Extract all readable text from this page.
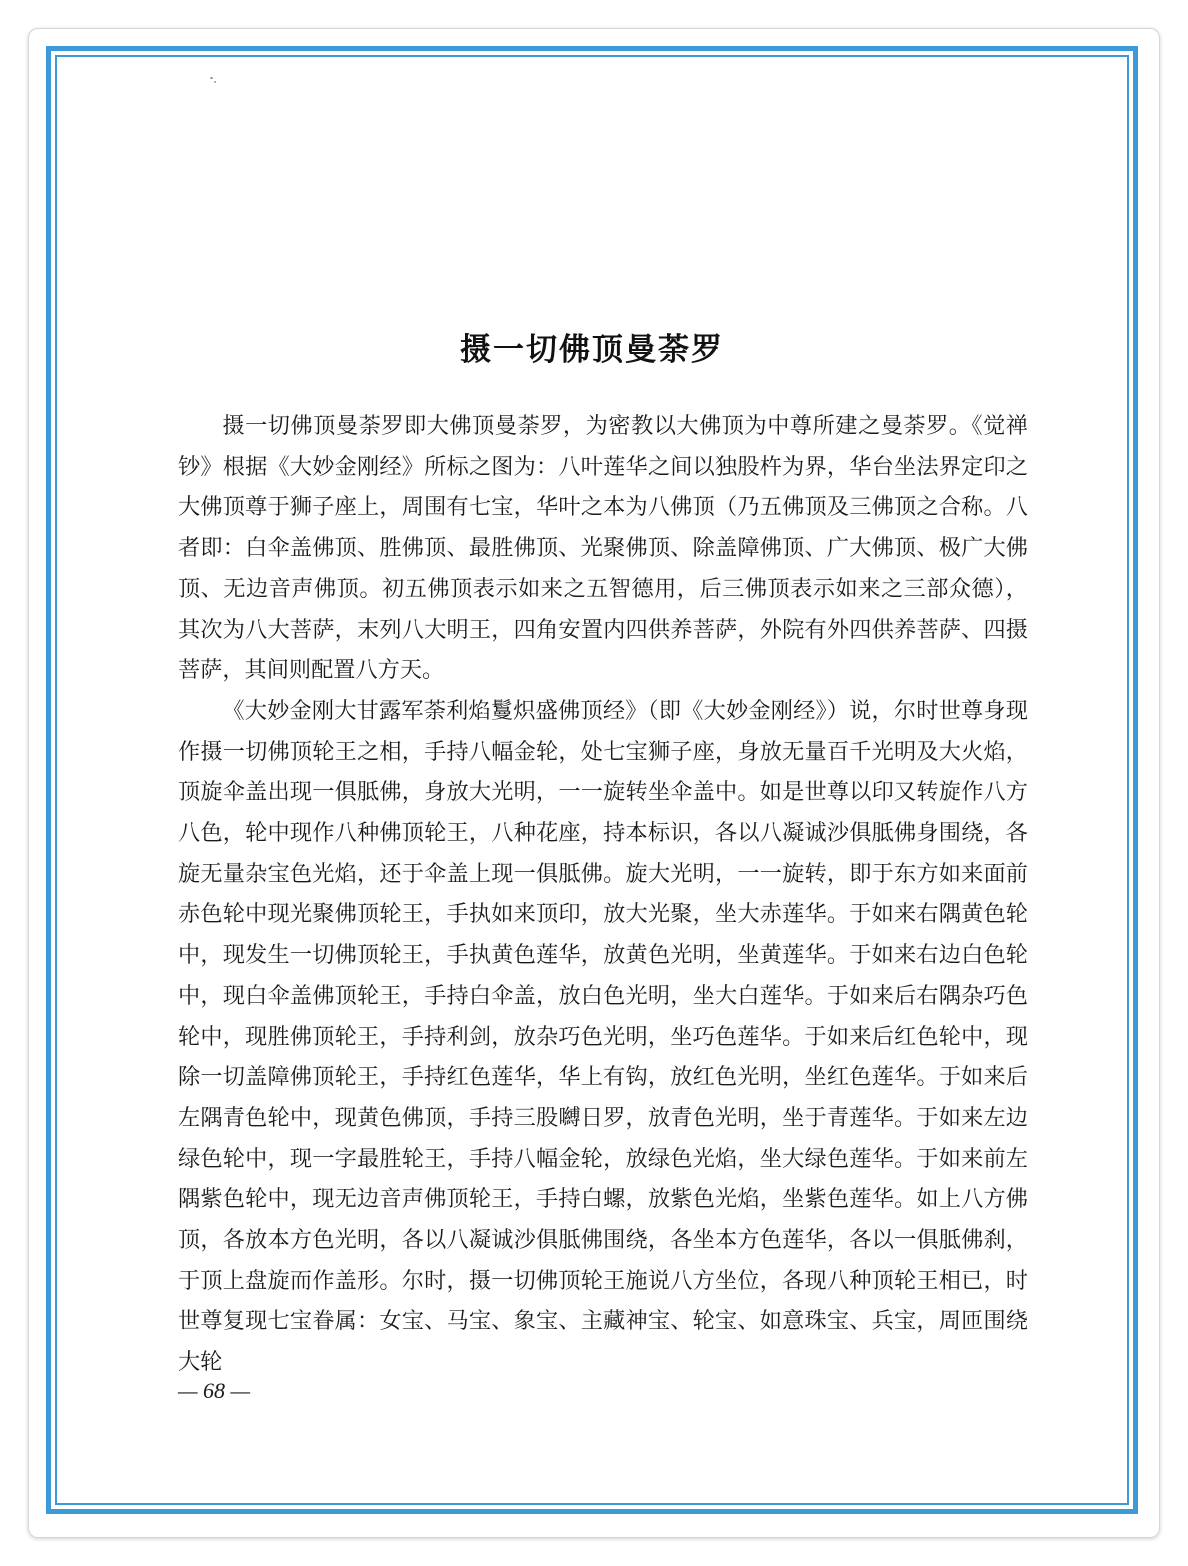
摄一切佛顶曼荼罗

摄一切佛顶曼荼罗即大佛顶曼荼罗，为密教以大佛顶为中尊所建之曼荼罗。《觉禅钞》根据《大妙金刚经》所标之图为：八叶莲华之间以独股杵为界，华台坐法界定印之大佛顶尊于狮子座上，周围有七宝，华叶之本为八佛顶（乃五佛顶及三佛顶之合称。八者即：白伞盖佛顶、胜佛顶、最胜佛顶、光聚佛顶、除盖障佛顶、广大佛顶、极广大佛顶、无边音声佛顶。初五佛顶表示如来之五智德用，后三佛顶表示如来之三部众德），其次为八大菩萨，末列八大明王，四角安置内四供养菩萨，外院有外四供养菩萨、四摄菩萨，其间则配置八方天。

《大妙金刚大甘露军荼利焰鬘炽盛佛顶经》（即《大妙金刚经》）说，尔时世尊身现作摄一切佛顶轮王之相，手持八幅金轮，处七宝狮子座，身放无量百千光明及大火焰，顶旋伞盖出现一俱胝佛，身放大光明，一一旋转坐伞盖中。如是世尊以印又转旋作八方八色，轮中现作八种佛顶轮王，八种花座，持本标识，各以八凝诚沙俱胝佛身围绕，各旋无量杂宝色光焰，还于伞盖上现一俱胝佛。旋大光明，一一旋转，即于东方如来面前赤色轮中现光聚佛顶轮王，手执如来顶印，放大光聚，坐大赤莲华。于如来右隅黄色轮中，现发生一切佛顶轮王，手执黄色莲华，放黄色光明，坐黄莲华。于如来右边白色轮中，现白伞盖佛顶轮王，手持白伞盖，放白色光明，坐大白莲华。于如来后右隅杂巧色轮中，现胜佛顶轮王，手持利剑，放杂巧色光明，坐巧色莲华。于如来后红色轮中，现除一切盖障佛顶轮王，手持红色莲华，华上有钩，放红色光明，坐红色莲华。于如来后左隅青色轮中，现黄色佛顶，手持三股嚩日罗，放青色光明，坐于青莲华。于如来左边绿色轮中，现一字最胜轮王，手持八幅金轮，放绿色光焰，坐大绿色莲华。于如来前左隅紫色轮中，现无边音声佛顶轮王，手持白螺，放紫色光焰，坐紫色莲华。如上八方佛顶，各放本方色光明，各以八凝诚沙俱胝佛围绕，各坐本方色莲华，各以一俱胝佛刹，于顶上盘旋而作盖形。尔时，摄一切佛顶轮王施说八方坐位，各现八种顶轮王相已，时世尊复现七宝眷属：女宝、马宝、象宝、主藏神宝、轮宝、如意珠宝、兵宝，周匝围绕大轮

— 68 —
